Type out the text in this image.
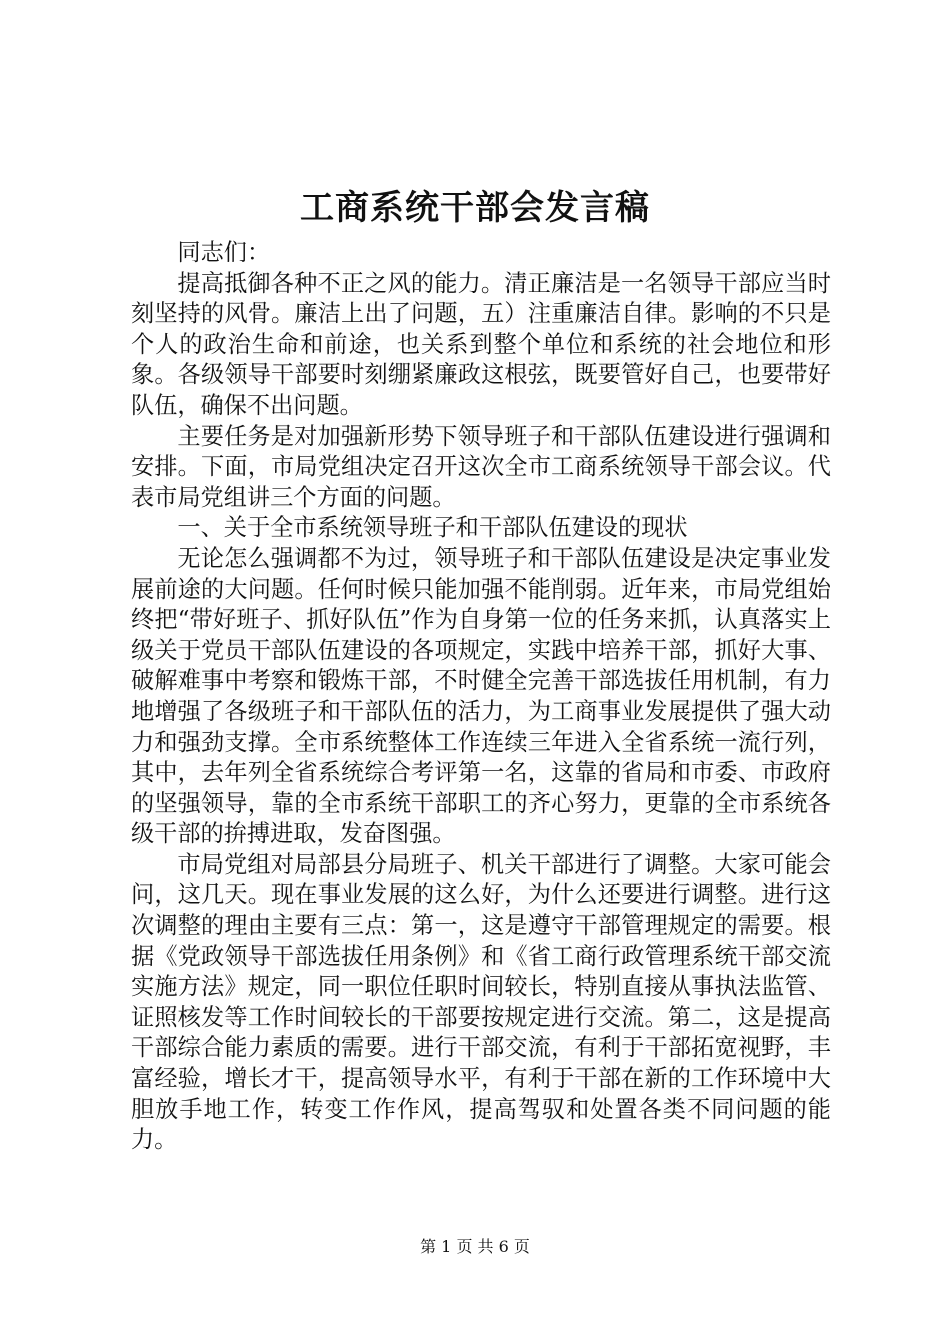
工商系统干部会发言稿

同志们：

提高抵御各种不正之风的能力。清正廉洁是一名领导干部应当时刻坚持的风骨。廉洁上出了问题，五）注重廉洁自律。影响的不只是个人的政治生命和前途，也关系到整个单位和系统的社会地位和形象。各级领导干部要时刻绷紧廉政这根弦，既要管好自己，也要带好队伍，确保不出问题。

主要任务是对加强新形势下领导班子和干部队伍建设进行强调和安排。下面，市局党组决定召开这次全市工商系统领导干部会议。代表市局党组讲三个方面的问题。

一、关于全市系统领导班子和干部队伍建设的现状

无论怎么强调都不为过，领导班子和干部队伍建设是决定事业发展前途的大问题。任何时候只能加强不能削弱。近年来，市局党组始终把“带好班子、抓好队伍”作为自身第一位的任务来抓，认真落实上级关于党员干部队伍建设的各项规定，实践中培养干部，抓好大事、破解难事中考察和锻炼干部，不时健全完善干部选拔任用机制，有力地增强了各级班子和干部队伍的活力，为工商事业发展提供了强大动力和强劲支撑。全市系统整体工作连续三年进入全省系统一流行列，其中，去年列全省系统综合考评第一名，这靠的省局和市委、市政府的坚强领导，靠的全市系统干部职工的齐心努力，更靠的全市系统各级干部的拚搏进取，发奋图强。

市局党组对局部县分局班子、机关干部进行了调整。大家可能会问，这几天。现在事业发展的这么好，为什么还要进行调整。进行这次调整的理由主要有三点：第一，这是遵守干部管理规定的需要。根据《党政领导干部选拔任用条例》和《省工商行政管理系统干部交流实施方法》规定，同一职位任职时间较长，特别直接从事执法监管、证照核发等工作时间较长的干部要按规定进行交流。第二，这是提高干部综合能力素质的需要。进行干部交流，有利于干部拓宽视野，丰富经验，增长才干，提高领导水平，有利于干部在新的工作环境中大胆放手地工作，转变工作作风，提高驾驭和处置各类不同问题的能力。

第 1 页 共 6 页
